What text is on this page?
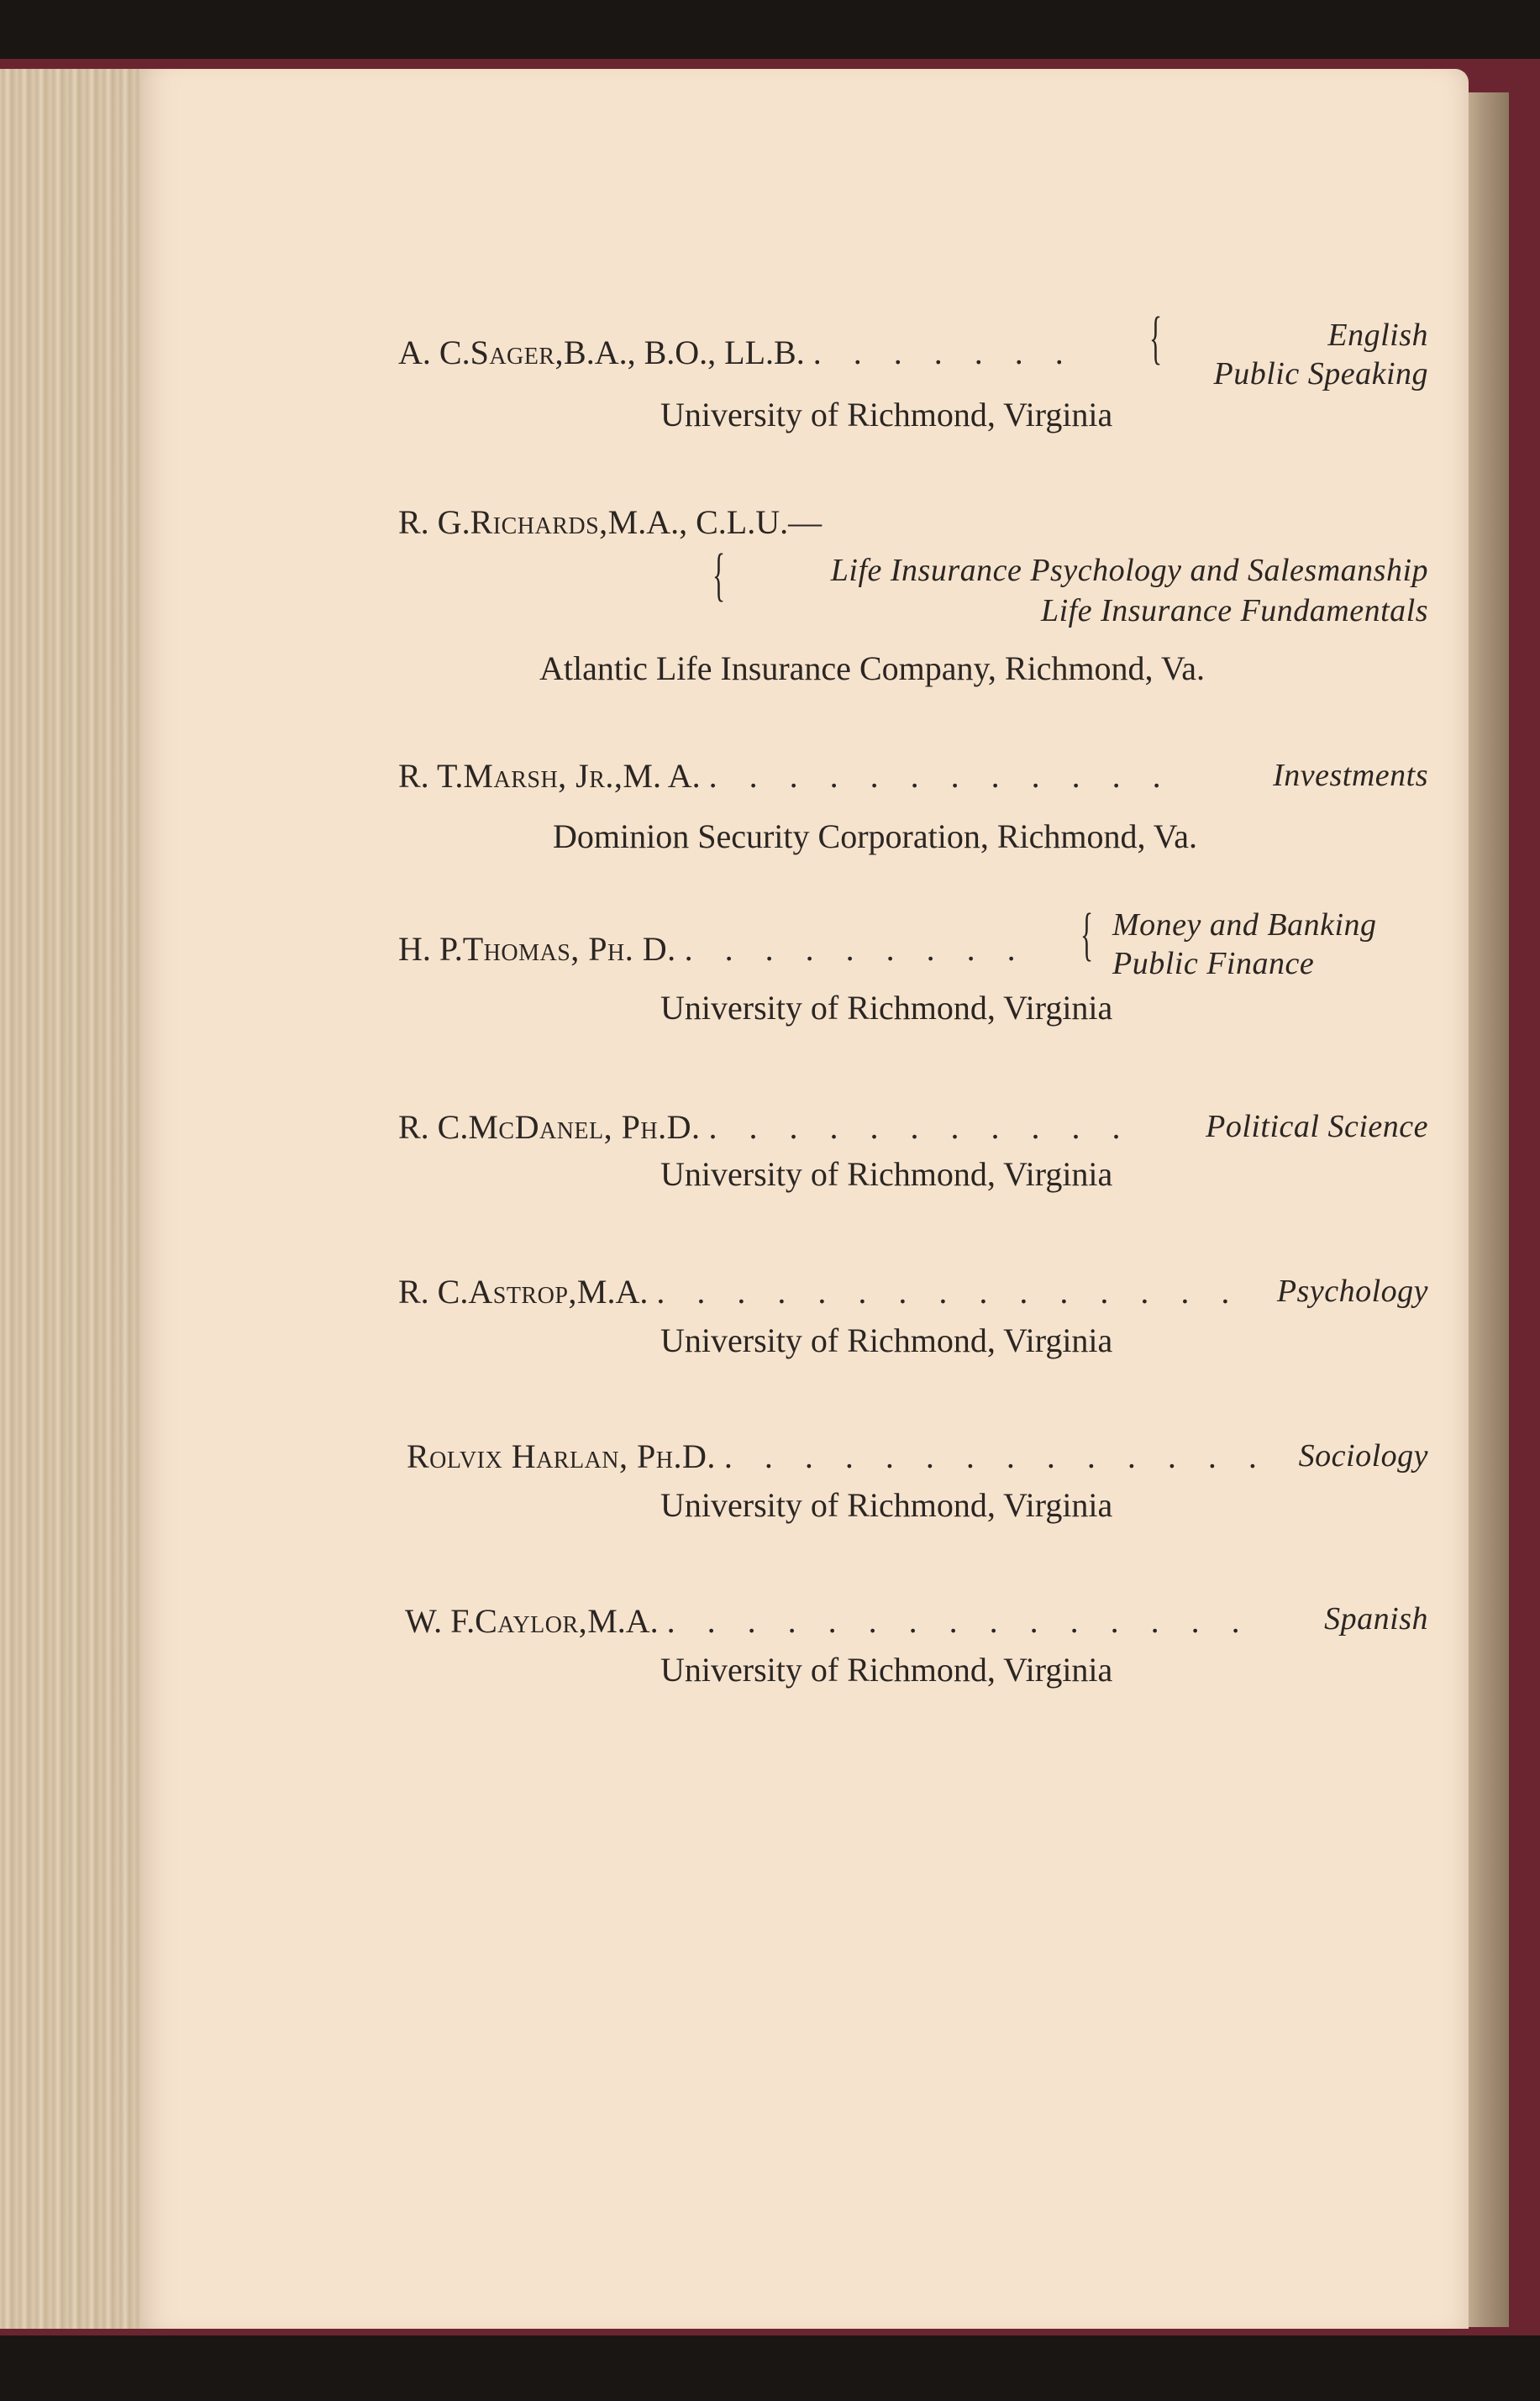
A. C. Sager, B.A., B.O., LL.B. . . . . . . . {	English
Public Speaking
University of Richmond, Virginia
R. G. Richards, M.A., C.L.U.—
{	Life Insurance Psychology and Salesmanship
Life Insurance Fundamentals
Atlantic Life Insurance Company, Richmond, Va.
R. T. Marsh, Jr., M. A. . . . . . . . . . . . .	Investments
Dominion Security Corporation, Richmond, Va.
H. P. Thomas, Ph. D. . . . . . . . . . { Money and Banking
Public Finance
University of Richmond, Virginia
R. C. McDanel, Ph.D. . . . . . . . . . . . Political Science
University of Richmond, Virginia
R. C. Astrop, M.A. . . . . . . . . . . . . . . . Psychology
University of Richmond, Virginia
Rolvix Harlan, Ph.D. . . . . . . . . . . . . . . Sociology
University of Richmond, Virginia
W. F. Caylor, M.A. . . . . . . . . . . . . . . . Spanish
University of Richmond, Virginia
